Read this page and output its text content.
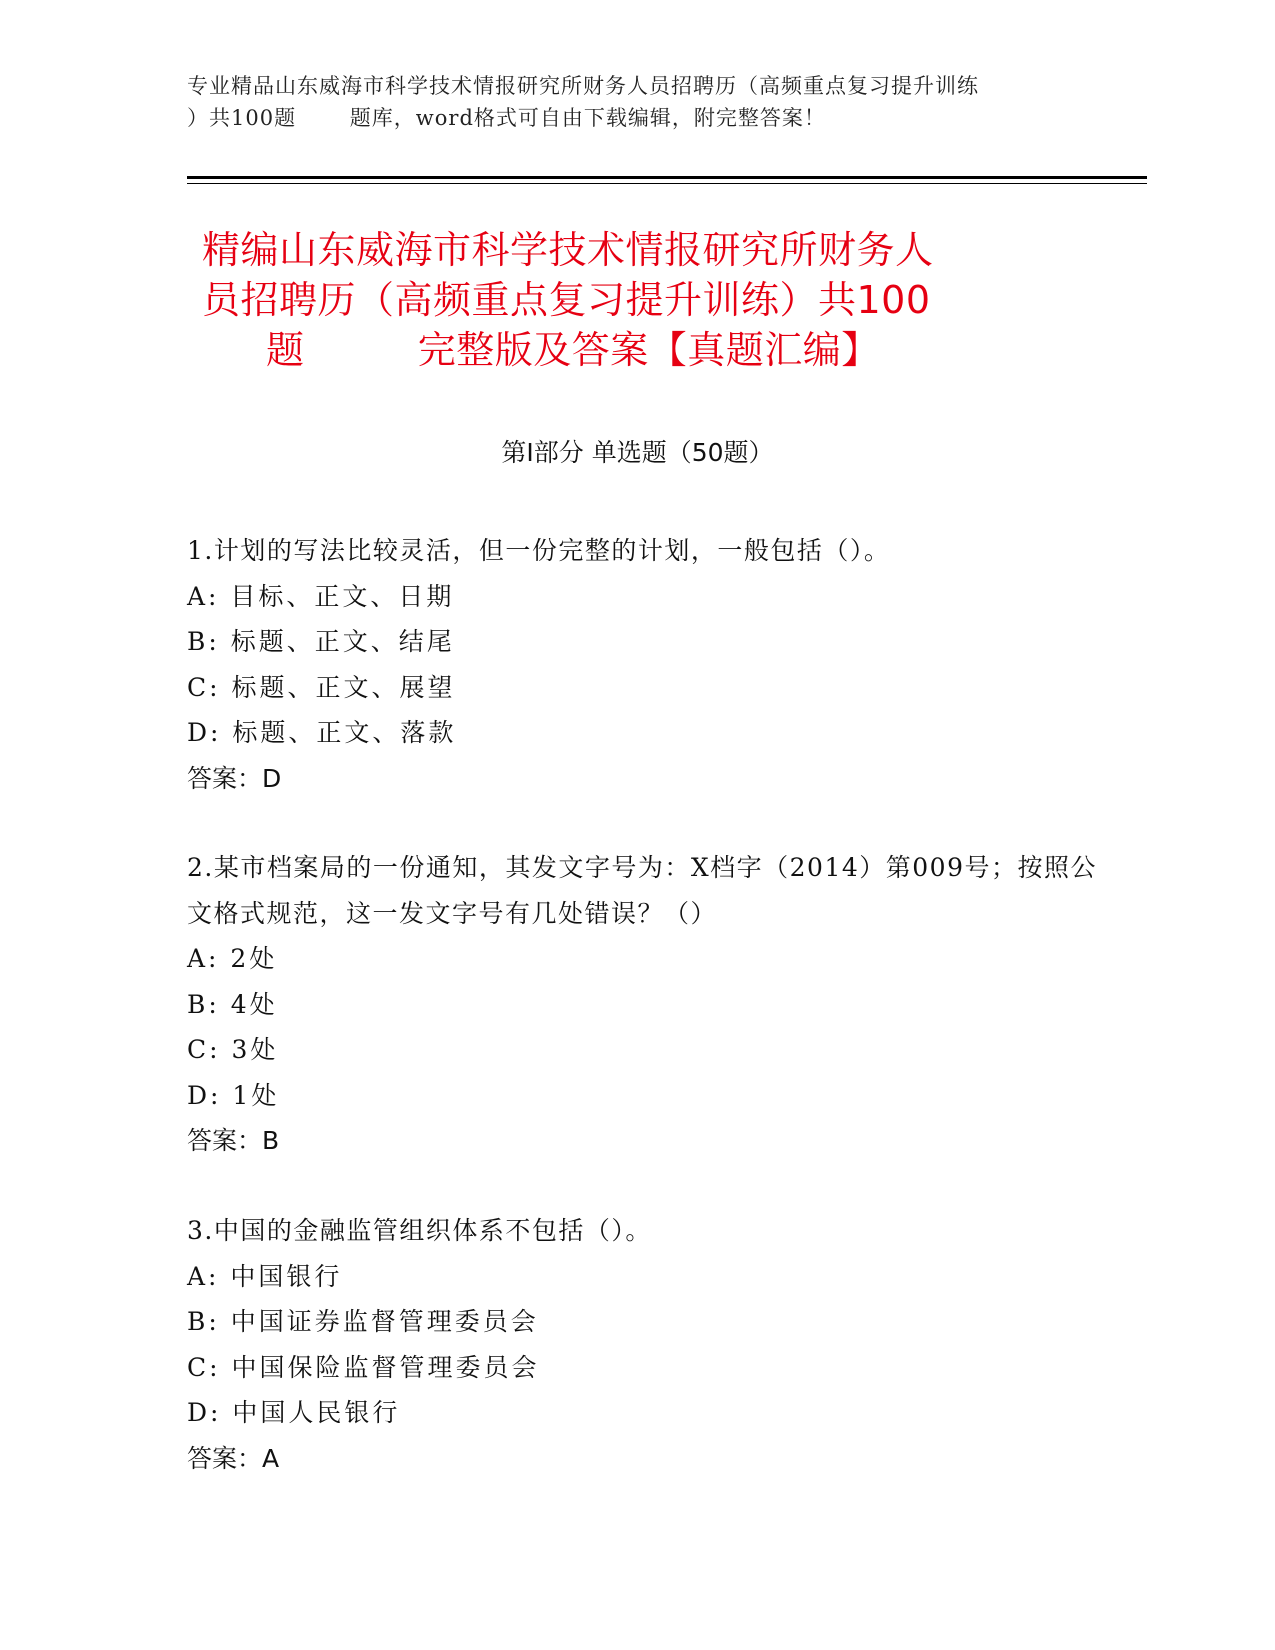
专业精品山东威海市科学技术情报研究所财务人员招聘历（高频重点复习提升训练
）共100题       题库，word格式可自由下载编辑，附完整答案！
精编山东威海市科学技术情报研究所财务人
员招聘历（高频重点复习提升训练）共100
题         完整版及答案【真题汇编】
第Ⅰ部分 单选题（50题）
1.计划的写法比较灵活，但一份完整的计划，一般包括（）。
A: 目标、正文、日期
B: 标题、正文、结尾
C: 标题、正文、展望
D: 标题、正文、落款
答案：D
2.某市档案局的一份通知，其发文字号为：X档字（2014）第009号；按照公文格式规范，这一发文字号有几处错误？（）
A: 2处
B: 4处
C: 3处
D: 1处
答案：B
3.中国的金融监管组织体系不包括（）。
A: 中国银行
B: 中国证券监督管理委员会
C: 中国保险监督管理委员会
D: 中国人民银行
答案：A
